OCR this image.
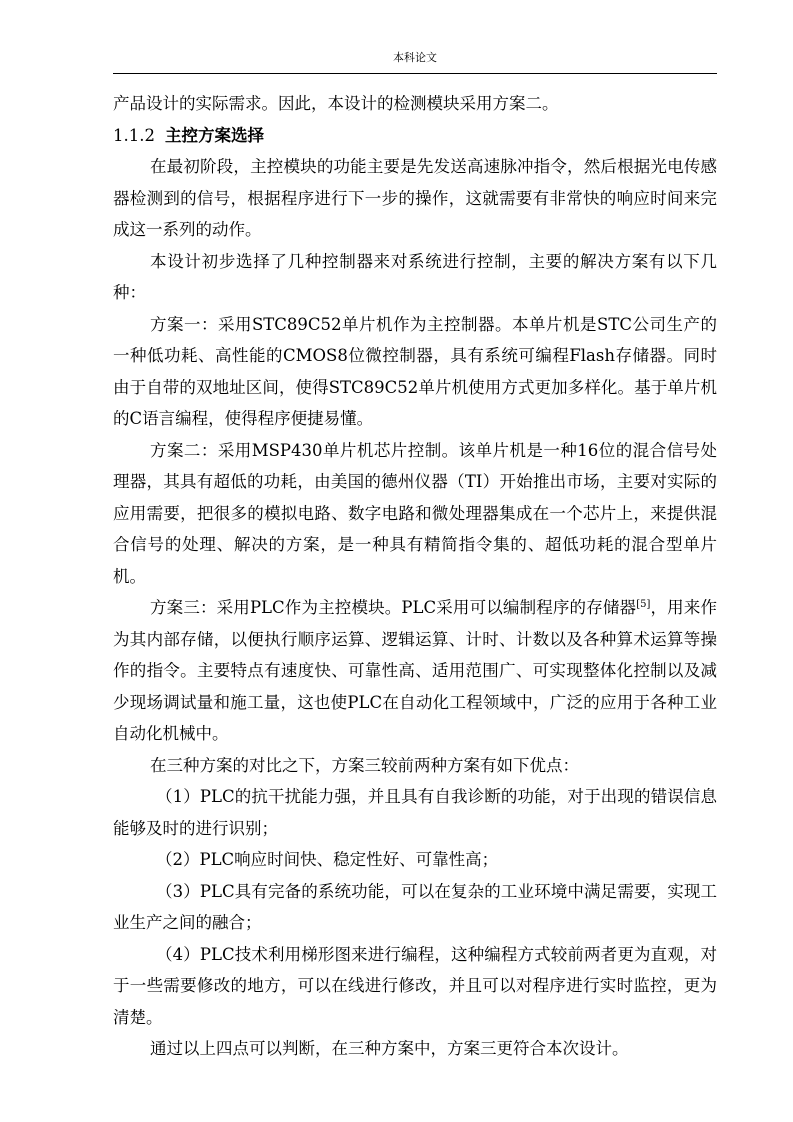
本科论文

产品设计的实际需求。因此，本设计的检测模块采用方案二。

1.1.2 主控方案选择

在最初阶段，主控模块的功能主要是先发送高速脉冲指令，然后根据光电传感器检测到的信号，根据程序进行下一步的操作，这就需要有非常快的响应时间来完成这一系列的动作。

本设计初步选择了几种控制器来对系统进行控制，主要的解决方案有以下几种：

方案一：采用STC89C52单片机作为主控制器。本单片机是STC公司生产的一种低功耗、高性能的CMOS8位微控制器，具有系统可编程Flash存储器。同时由于自带的双地址区间，使得STC89C52单片机使用方式更加多样化。基于单片机的C语言编程，使得程序便捷易懂。

方案二：采用MSP430单片机芯片控制。该单片机是一种16位的混合信号处理器，其具有超低的功耗，由美国的德州仪器（TI）开始推出市场，主要对实际的应用需要，把很多的模拟电路、数字电路和微处理器集成在一个芯片上，来提供混合信号的处理、解决的方案，是一种具有精简指令集的、超低功耗的混合型单片机。

方案三：采用PLC作为主控模块。PLC采用可以编制程序的存储器[5]，用来作为其内部存储，以便执行顺序运算、逻辑运算、计时、计数以及各种算术运算等操作的指令。主要特点有速度快、可靠性高、适用范围广、可实现整体化控制以及减少现场调试量和施工量，这也使PLC在自动化工程领域中，广泛的应用于各种工业自动化机械中。

在三种方案的对比之下，方案三较前两种方案有如下优点：

（1）PLC的抗干扰能力强，并且具有自我诊断的功能，对于出现的错误信息能够及时的进行识别；

（2）PLC响应时间快、稳定性好、可靠性高；

（3）PLC具有完备的系统功能，可以在复杂的工业环境中满足需要，实现工业生产之间的融合；

（4）PLC技术利用梯形图来进行编程，这种编程方式较前两者更为直观，对于一些需要修改的地方，可以在线进行修改，并且可以对程序进行实时监控，更为清楚。

通过以上四点可以判断，在三种方案中，方案三更符合本次设计。
